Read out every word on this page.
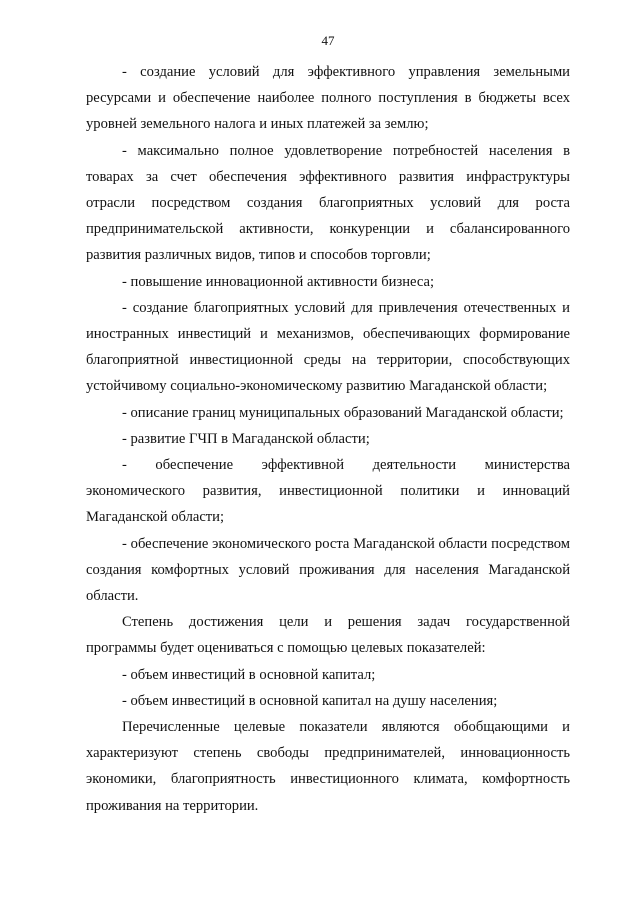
47

- создание условий для эффективного управления земельными ресурсами и обеспечение наиболее полного поступления в бюджеты всех уровней земельного налога и иных платежей за землю;

- максимально полное удовлетворение потребностей населения в товарах за счет обеспечения эффективного развития инфраструктуры отрасли посредством создания благоприятных условий для роста предпринимательской активности, конкуренции и сбалансированного развития различных видов, типов и способов торговли;

- повышение инновационной активности бизнеса;

- создание благоприятных условий для привлечения отечественных и иностранных инвестиций и механизмов, обеспечивающих формирование благоприятной инвестиционной среды на территории, способствующих устойчивому социально-экономическому развитию Магаданской области;

- описание границ муниципальных образований Магаданской области;

- развитие ГЧП в Магаданской области;

- обеспечение эффективной деятельности министерства экономического развития, инвестиционной политики и инноваций Магаданской области;

- обеспечение экономического роста Магаданской области посредством создания комфортных условий проживания для населения Магаданской области.

Степень достижения цели и решения задач государственной программы будет оцениваться с помощью целевых показателей:

- объем инвестиций в основной капитал;

- объем инвестиций в основной капитал на душу населения;

Перечисленные целевые показатели являются обобщающими и характеризуют степень свободы предпринимателей, инновационность экономики, благоприятность инвестиционного климата, комфортность проживания на территории.
